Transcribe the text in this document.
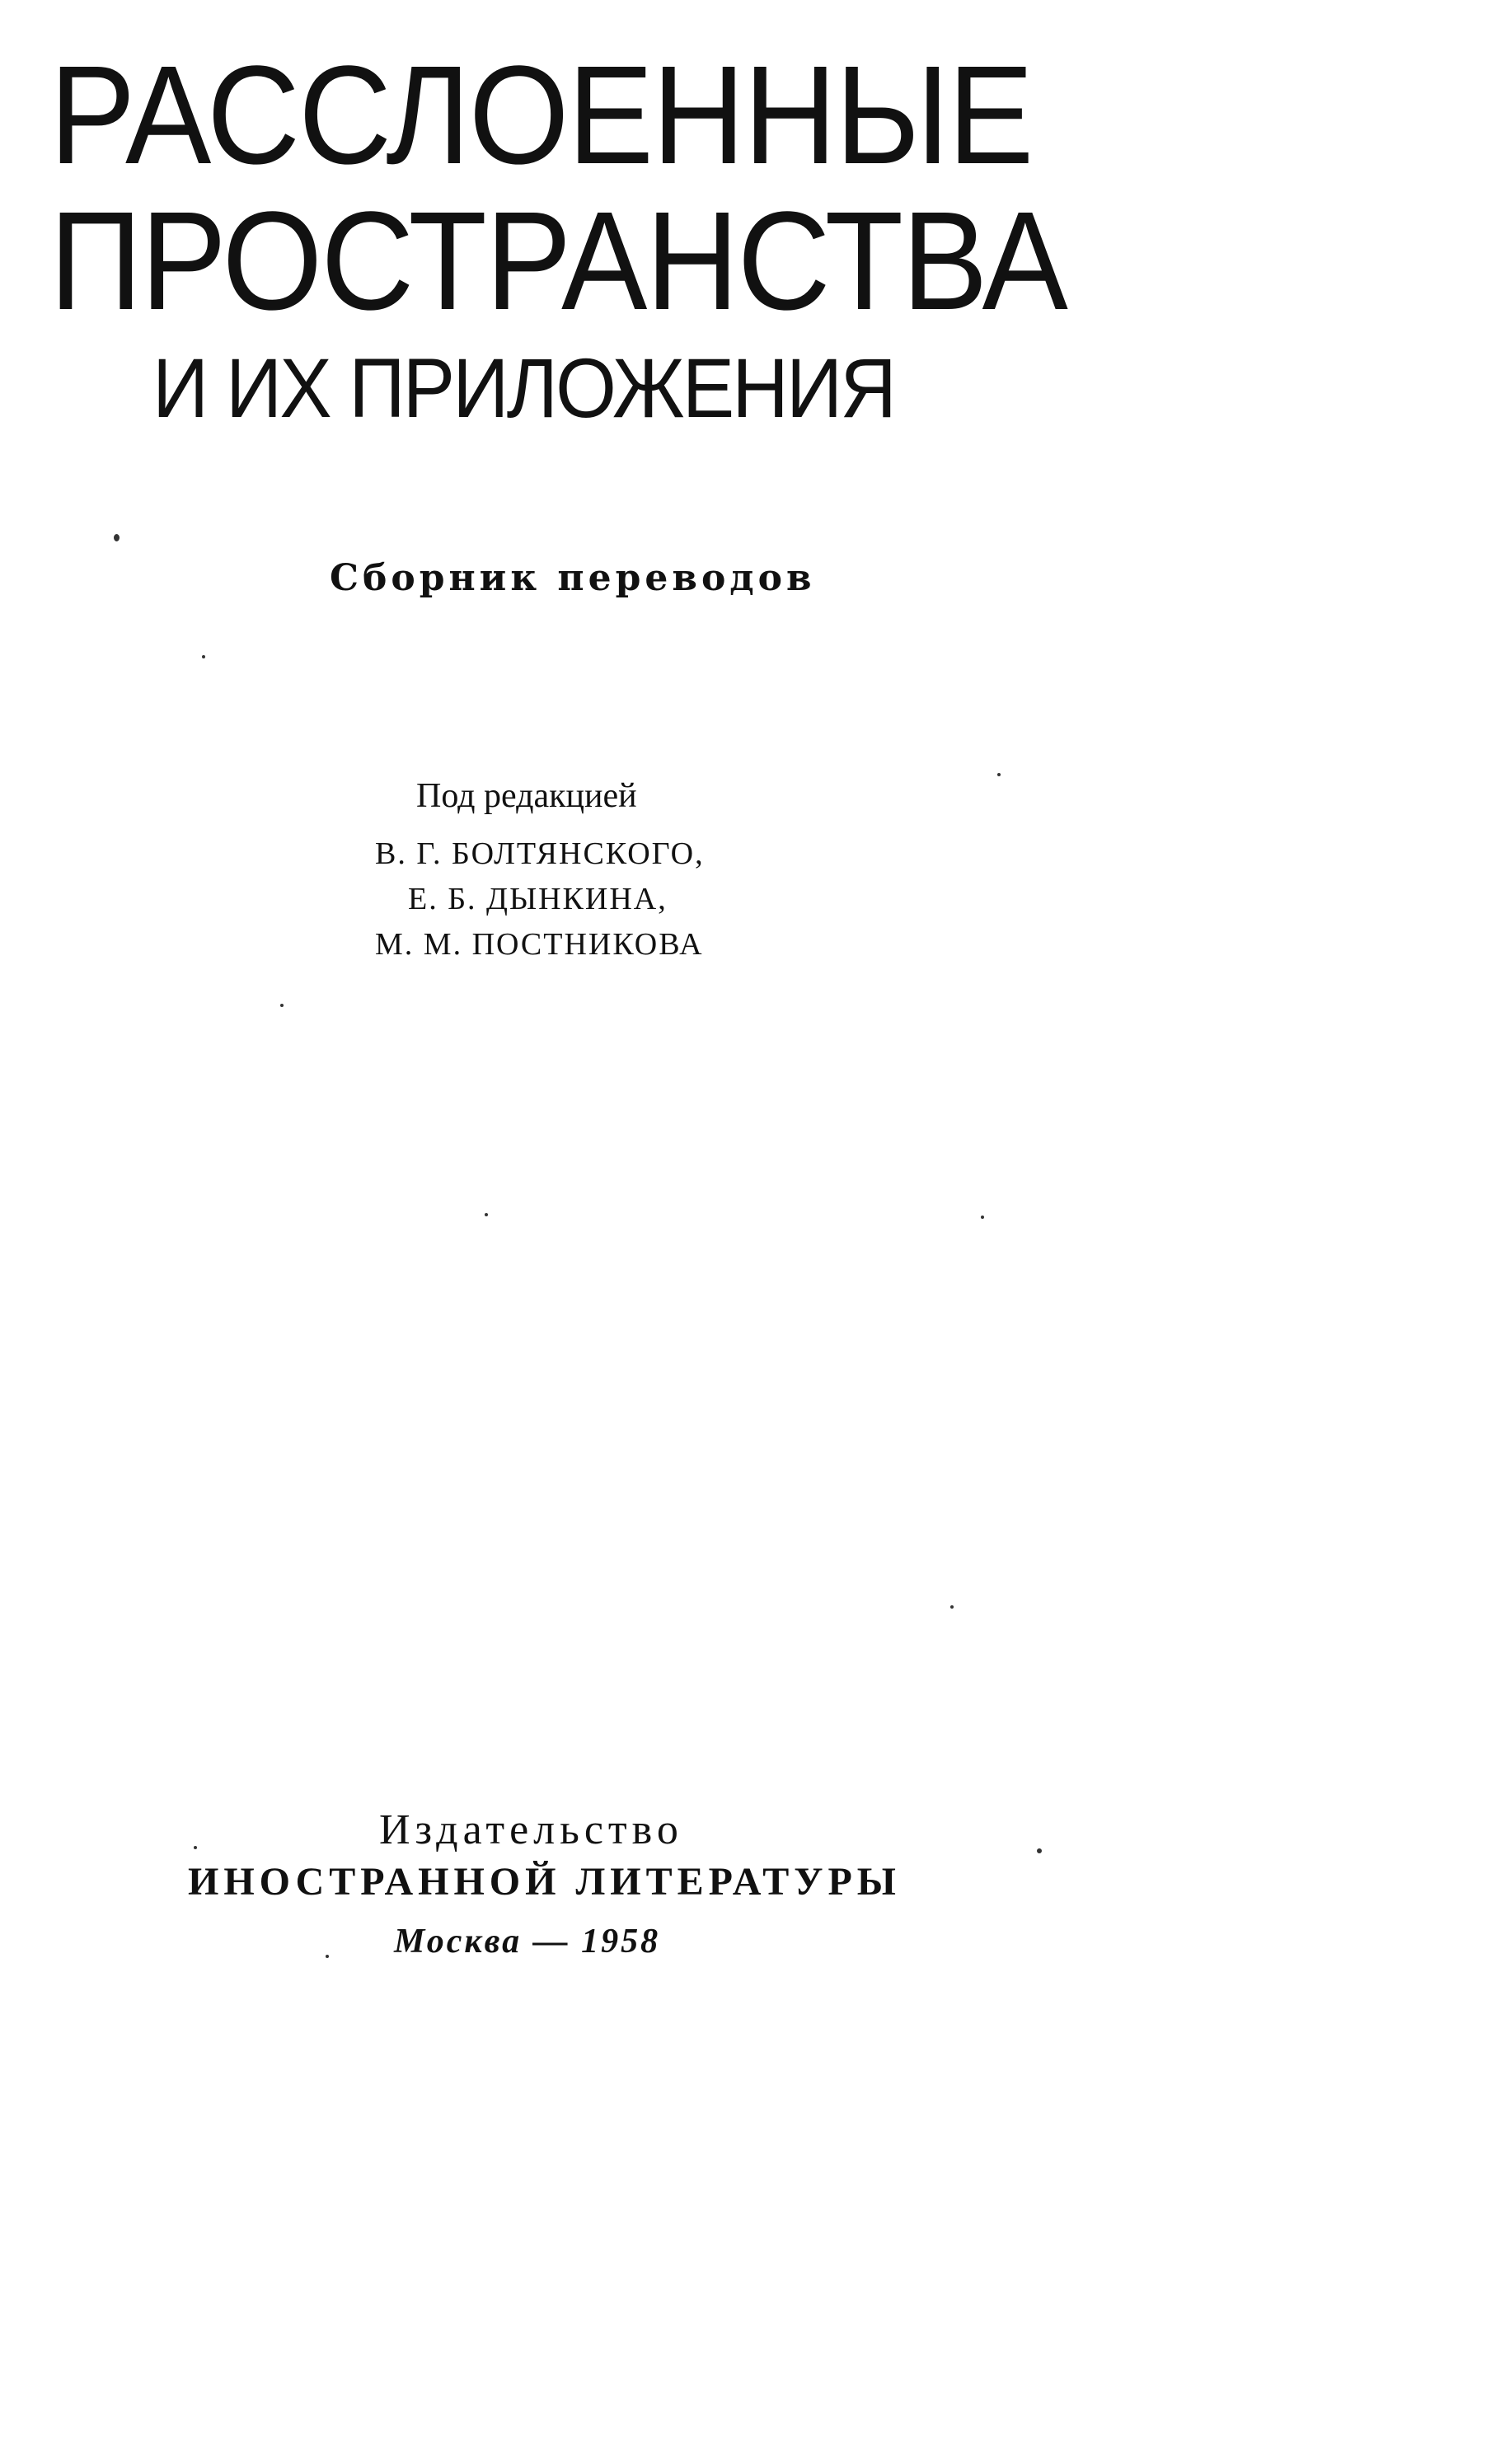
РАССЛОЕННЫЕ
ПРОСТРАНСТВА
И ИХ ПРИЛОЖЕНИЯ
Сборник переводов
Под редакцией
В. Г. БОЛТЯНСКОГО,
Е. Б. ДЫНКИНА,
М. М. ПОСТНИКОВА
Издательство
ИНОСТРАННОЙ ЛИТЕРАТУРЫ
Москва — 1958
